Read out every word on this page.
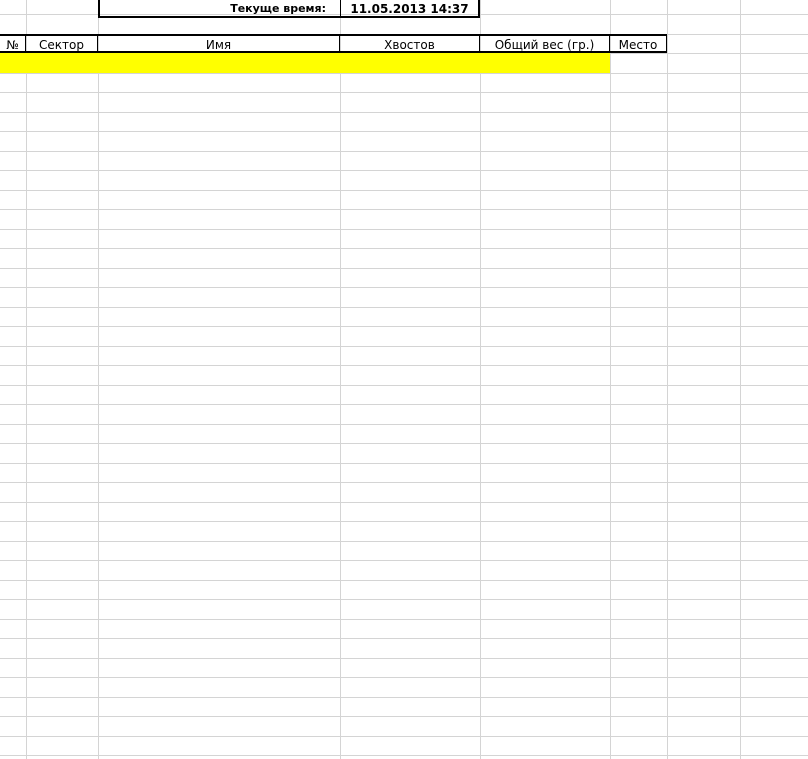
Текуще время:	11.05.2013 14:37
№	Сектор	Имя	Хвостов	Общий вес (гр.)	Место
